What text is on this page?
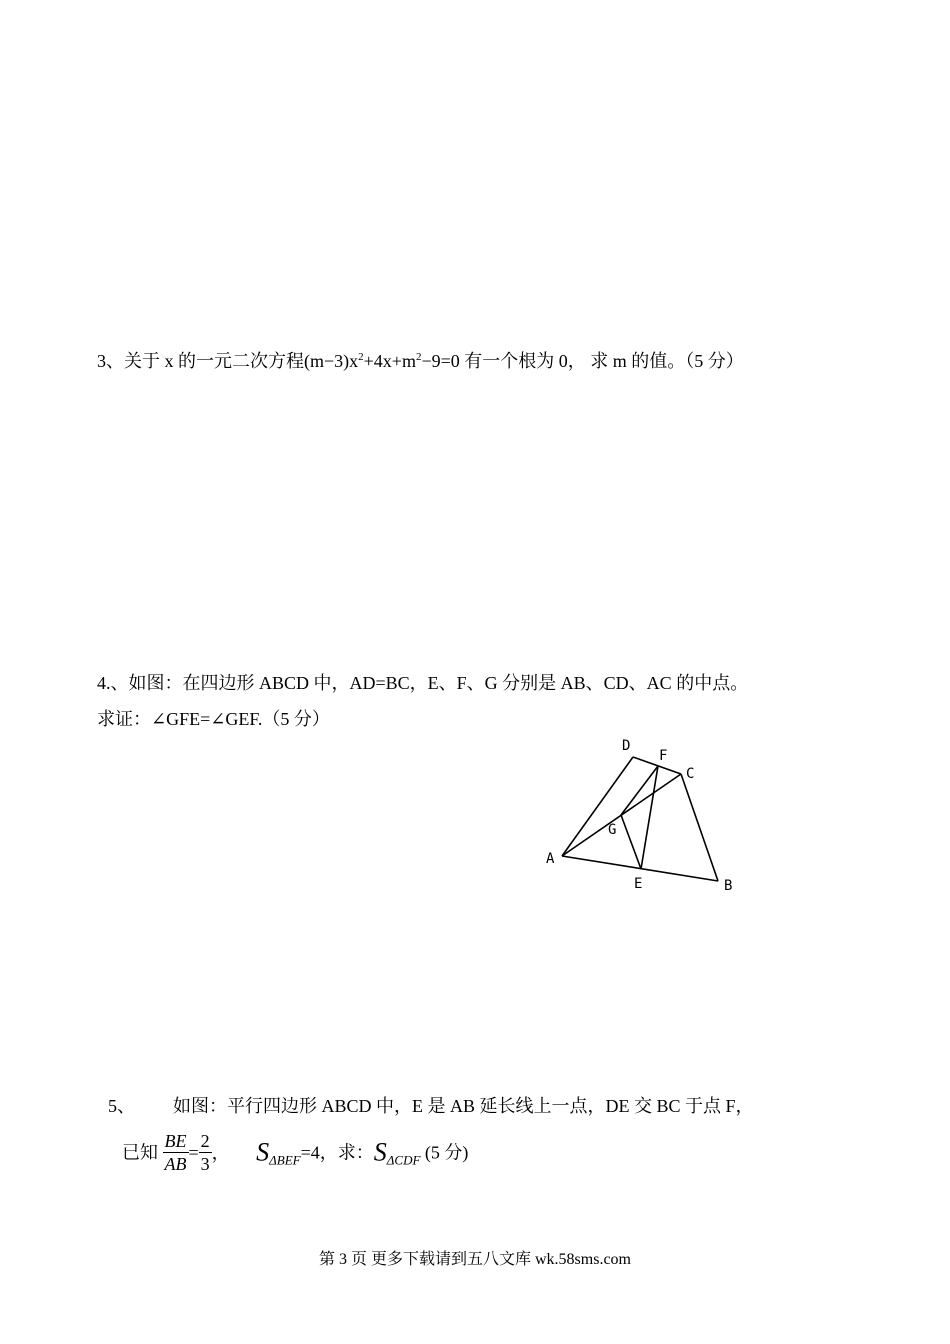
3、关于 x 的一元二次方程$(m-3)x^2+4x+m^2-9=0$ 有一个根为 0， 求 m 的值。（5 分）
4.、如图：在四边形 ABCD 中，AD=BC，E、F、G 分别是 AB、CD、AC 的中点。
求证：∠GFE=∠GEF.（5 分）
D
F
C
G
A
E	B
5、 如图：平行四边形 ABCD 中，E 是 AB 延长线上一点，DE 交 BC 于点 F，
已知 $\frac{BE}{AB} = \frac{2}{3}$ ， $S_{\Delta BEF}=4$，求：$S_{\Delta CDF}$ (5 分)
第 3 页 更多下载请到五八文库 wk.58sms.com
